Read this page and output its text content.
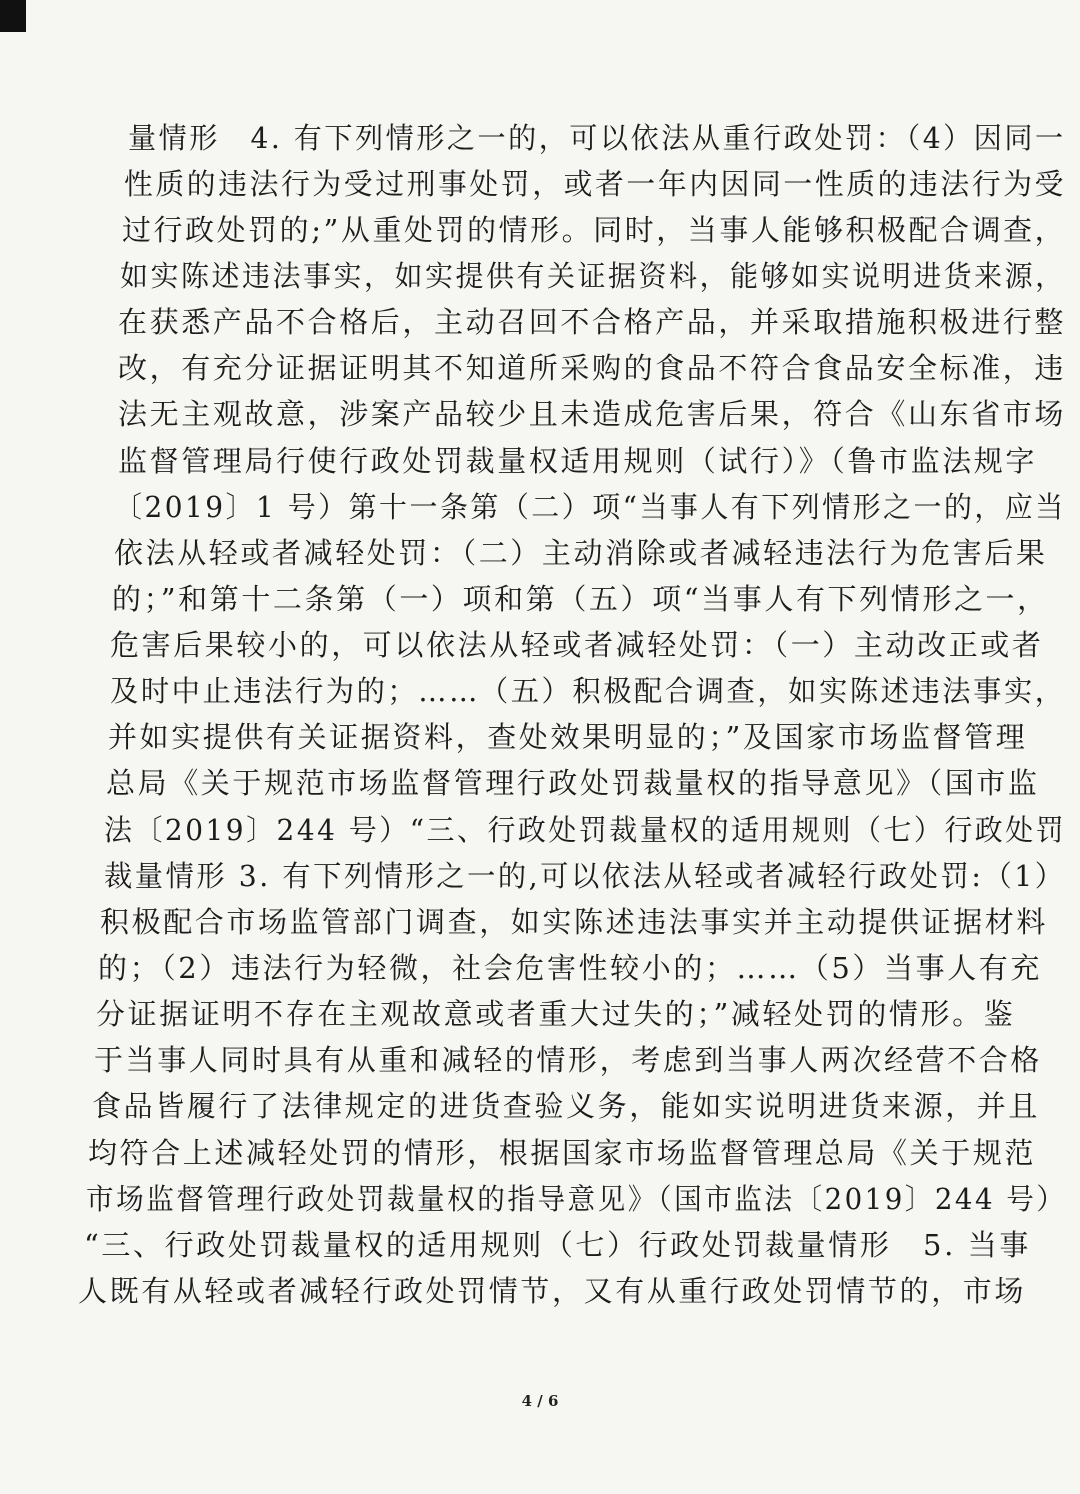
量情形　4. 有下列情形之一的，可以依法从重行政处罚：（4）因同一
性质的违法行为受过刑事处罚，或者一年内因同一性质的违法行为受
过行政处罚的;”从重处罚的情形。同时，当事人能够积极配合调查，
如实陈述违法事实，如实提供有关证据资料，能够如实说明进货来源，
在获悉产品不合格后，主动召回不合格产品，并采取措施积极进行整
改，有充分证据证明其不知道所采购的食品不符合食品安全标准，违
法无主观故意，涉案产品较少且未造成危害后果，符合《山东省市场
监督管理局行使行政处罚裁量权适用规则（试行）》（鲁市监法规字
〔2019〕1 号）第十一条第（二）项“当事人有下列情形之一的，应当
依法从轻或者减轻处罚：（二）主动消除或者减轻违法行为危害后果
的；”和第十二条第（一）项和第（五）项“当事人有下列情形之一，
危害后果较小的，可以依法从轻或者减轻处罚：（一）主动改正或者
及时中止违法行为的；……（五）积极配合调查，如实陈述违法事实，
并如实提供有关证据资料，查处效果明显的；”及国家市场监督管理
总局《关于规范市场监督管理行政处罚裁量权的指导意见》（国市监
法〔2019〕244 号）“三、行政处罚裁量权的适用规则（七）行政处罚
裁量情形 3. 有下列情形之一的,可以依法从轻或者减轻行政处罚:（1）
积极配合市场监管部门调查，如实陈述违法事实并主动提供证据材料
的；（2）违法行为轻微，社会危害性较小的；……（5）当事人有充
分证据证明不存在主观故意或者重大过失的；”减轻处罚的情形。鉴
于当事人同时具有从重和减轻的情形，考虑到当事人两次经营不合格
食品皆履行了法律规定的进货查验义务，能如实说明进货来源，并且
均符合上述减轻处罚的情形，根据国家市场监督管理总局《关于规范
市场监督管理行政处罚裁量权的指导意见》（国市监法〔2019〕244 号）
“三、行政处罚裁量权的适用规则（七）行政处罚裁量情形　5. 当事
人既有从轻或者减轻行政处罚情节，又有从重行政处罚情节的，市场
4 / 6
